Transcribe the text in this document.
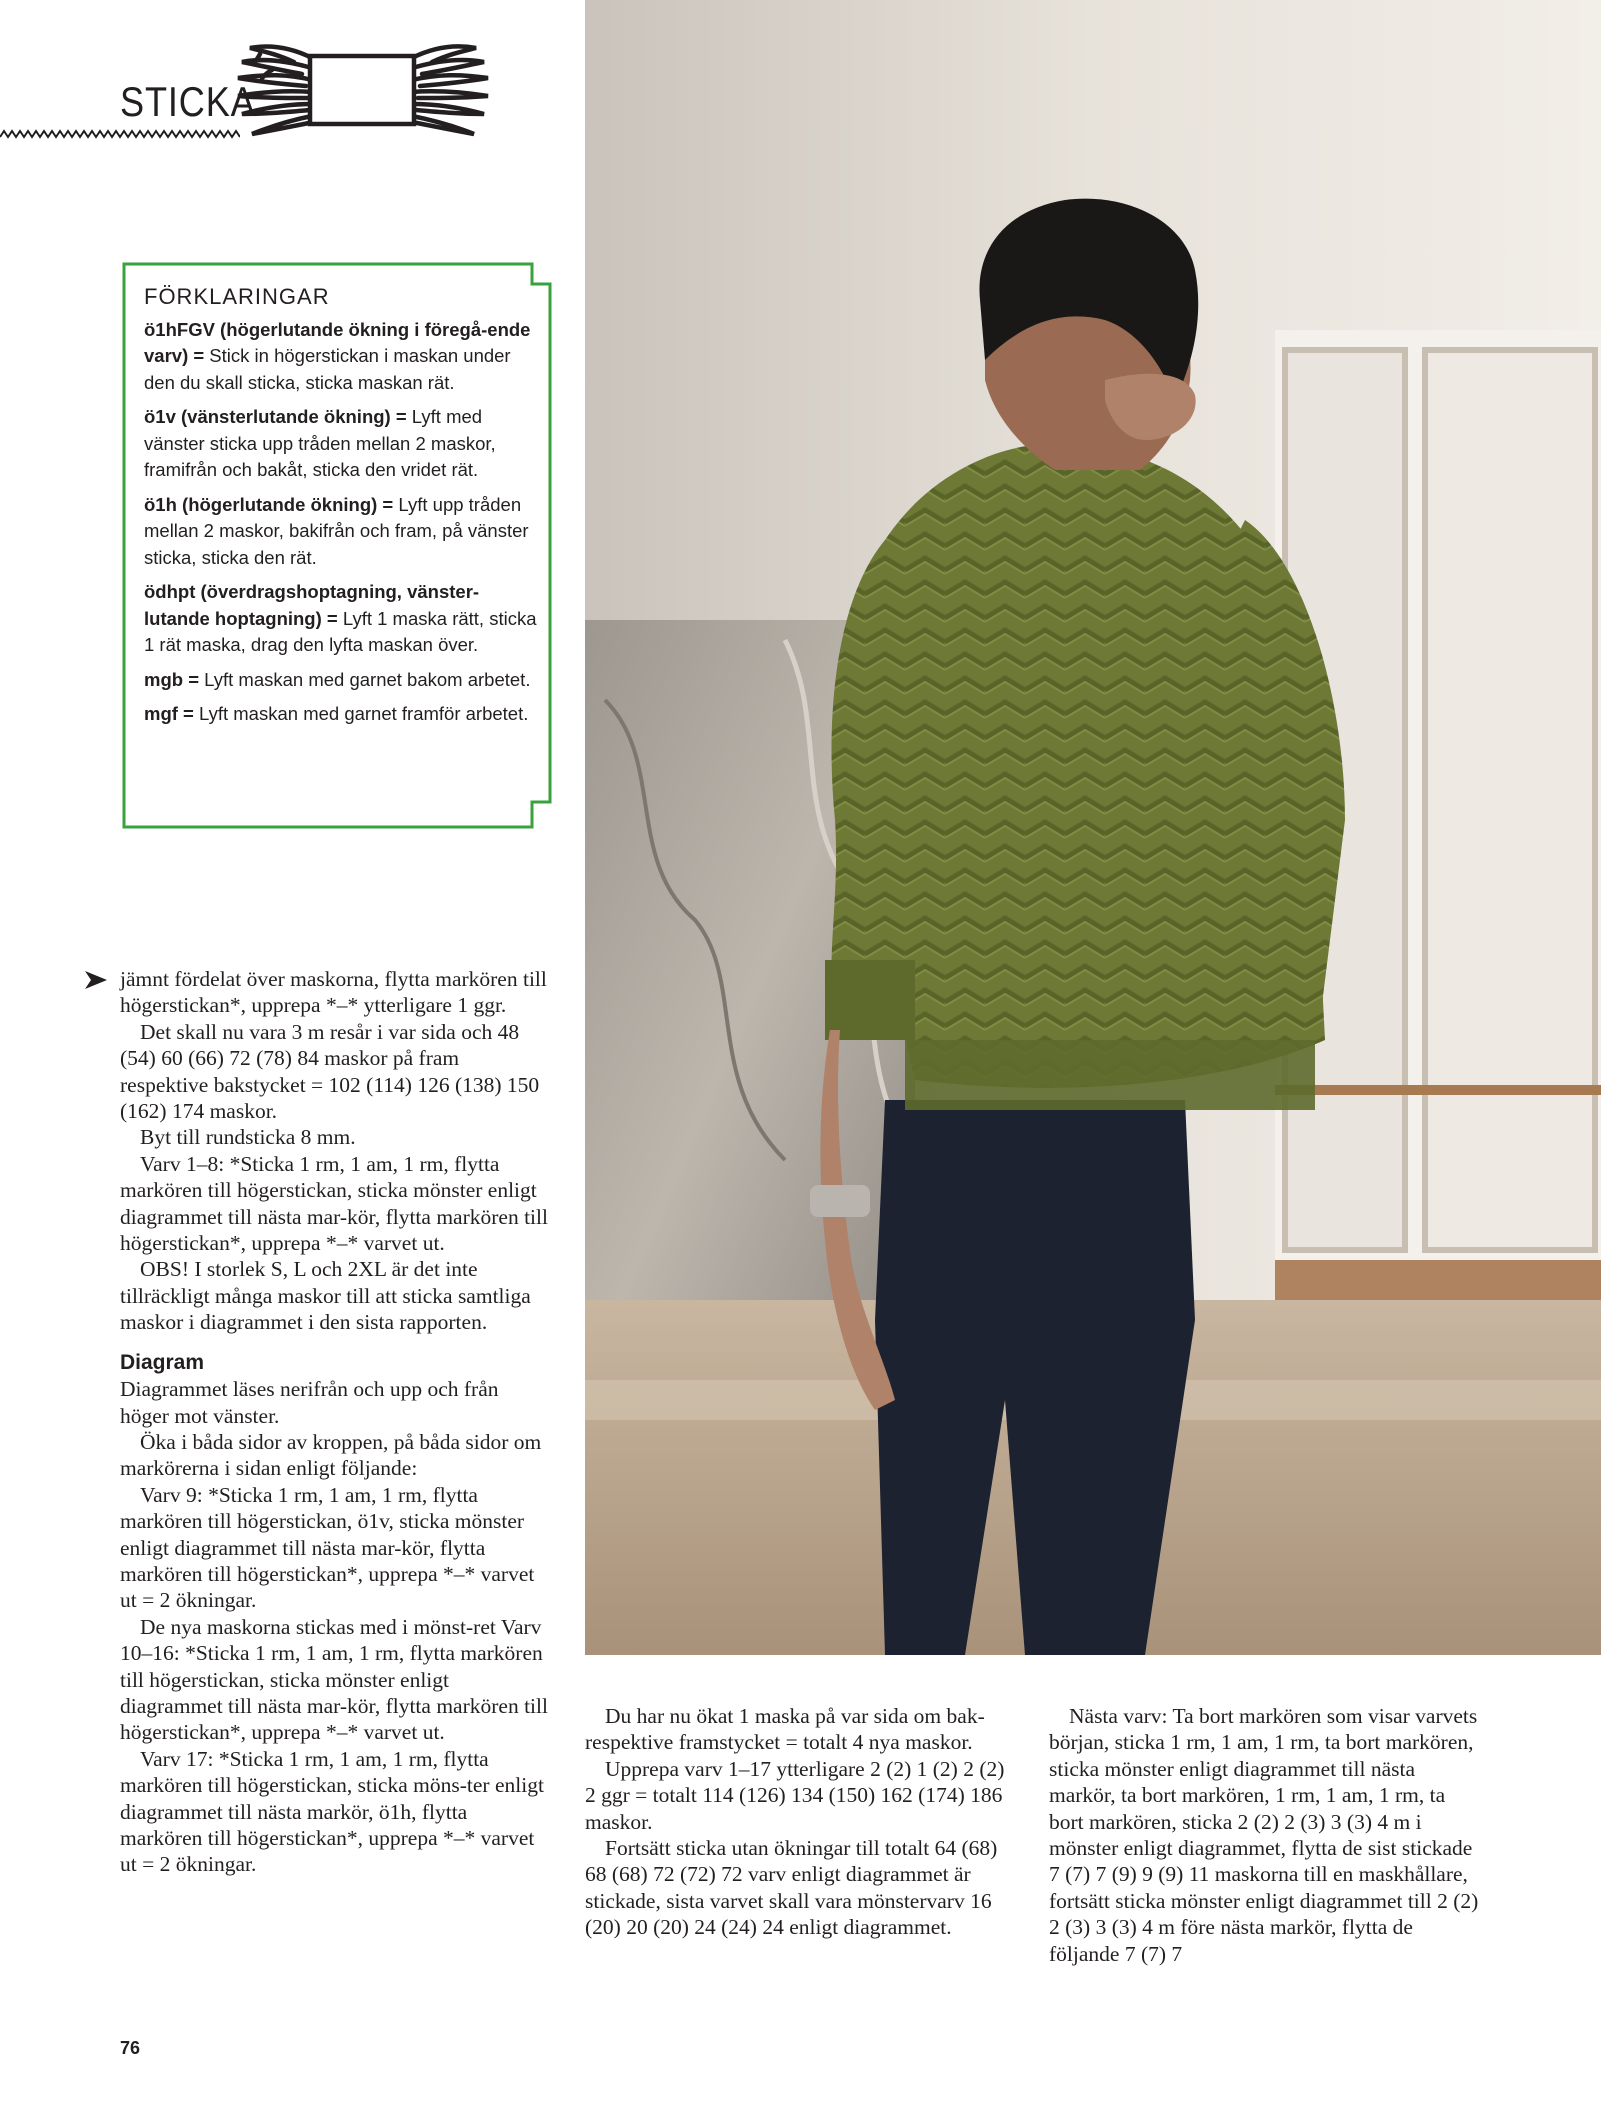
STICKA
FÖRKLARINGAR
ö1hFGV (högerlutande ökning i föregå-ende varv) = Stick in högerstickan i maskan under den du skall sticka, sticka maskan rät.
ö1v (vänsterlutande ökning) = Lyft med vänster sticka upp tråden mellan 2 maskor, framifrån och bakåt, sticka den vridet rät.
ö1h (högerlutande ökning) = Lyft upp tråden mellan 2 maskor, bakifrån och fram, på vänster sticka, sticka den rät.
ödhpt (överdragshoptagning, vänster-lutande hoptagning) = Lyft 1 maska rätt, sticka 1 rät maska, drag den lyfta maskan över.
mgb = Lyft maskan med garnet bakom arbetet.
mgf = Lyft maskan med garnet framför arbetet.

jämnt fördelat över maskorna, flytta markören till högerstickan*, upprepa *–* ytterligare 1 ggr.

Det skall nu vara 3 m resår i var sida och 48 (54) 60 (66) 72 (78) 84 maskor på fram respektive bakstycket = 102 (114) 126 (138) 150 (162) 174 maskor.

Byt till rundsticka 8 mm.

Varv 1–8: *Sticka 1 rm, 1 am, 1 rm, flytta markören till högerstickan, sticka mönster enligt diagrammet till nästa mar-kör, flytta markören till högerstickan*, upprepa *–* varvet ut.

OBS! I storlek S, L och 2XL är det inte tillräckligt många maskor till att sticka samtliga maskor i diagrammet i den sista rapporten.

Diagram

Diagrammet läses nerifrån och upp och från höger mot vänster.

Öka i båda sidor av kroppen, på båda sidor om markörerna i sidan enligt följande:

Varv 9: *Sticka 1 rm, 1 am, 1 rm, flytta markören till högerstickan, ö1v, sticka mönster enligt diagrammet till nästa mar-kör, flytta markören till högerstickan*, upprepa *–* varvet ut = 2 ökningar.

De nya maskorna stickas med i mönst-ret Varv 10–16: *Sticka 1 rm, 1 am, 1 rm, flytta markören till högerstickan, sticka mönster enligt diagrammet till nästa mar-kör, flytta markören till högerstickan*, upprepa *–* varvet ut.

Varv 17: *Sticka 1 rm, 1 am, 1 rm, flytta markören till högerstickan, sticka möns-ter enligt diagrammet till nästa markör, ö1h, flytta markören till högerstickan*, upprepa *–* varvet ut = 2 ökningar.

Du har nu ökat 1 maska på var sida om bak- respektive framstycket = totalt 4 nya maskor.

Upprepa varv 1–17 ytterligare 2 (2) 1 (2) 2 (2) 2 ggr = totalt 114 (126) 134 (150) 162 (174) 186 maskor.

Fortsätt sticka utan ökningar till totalt 64 (68) 68 (68) 72 (72) 72 varv enligt diagrammet är stickade, sista varvet skall vara mönstervarv 16 (20) 20 (20) 24 (24) 24 enligt diagrammet.

Nästa varv: Ta bort markören som visar varvets början, sticka 1 rm, 1 am, 1 rm, ta bort markören, sticka mönster enligt diagrammet till nästa markör, ta bort markören, 1 rm, 1 am, 1 rm, ta bort markören, sticka 2 (2) 2 (3) 3 (3) 4 m i mönster enligt diagrammet, flytta de sist stickade 7 (7) 7 (9) 9 (9) 11 maskorna till en maskhållare, fortsätt sticka mönster enligt diagrammet till 2 (2) 2 (3) 3 (3) 4 m före nästa markör, flytta de följande 7 (7) 7

76
